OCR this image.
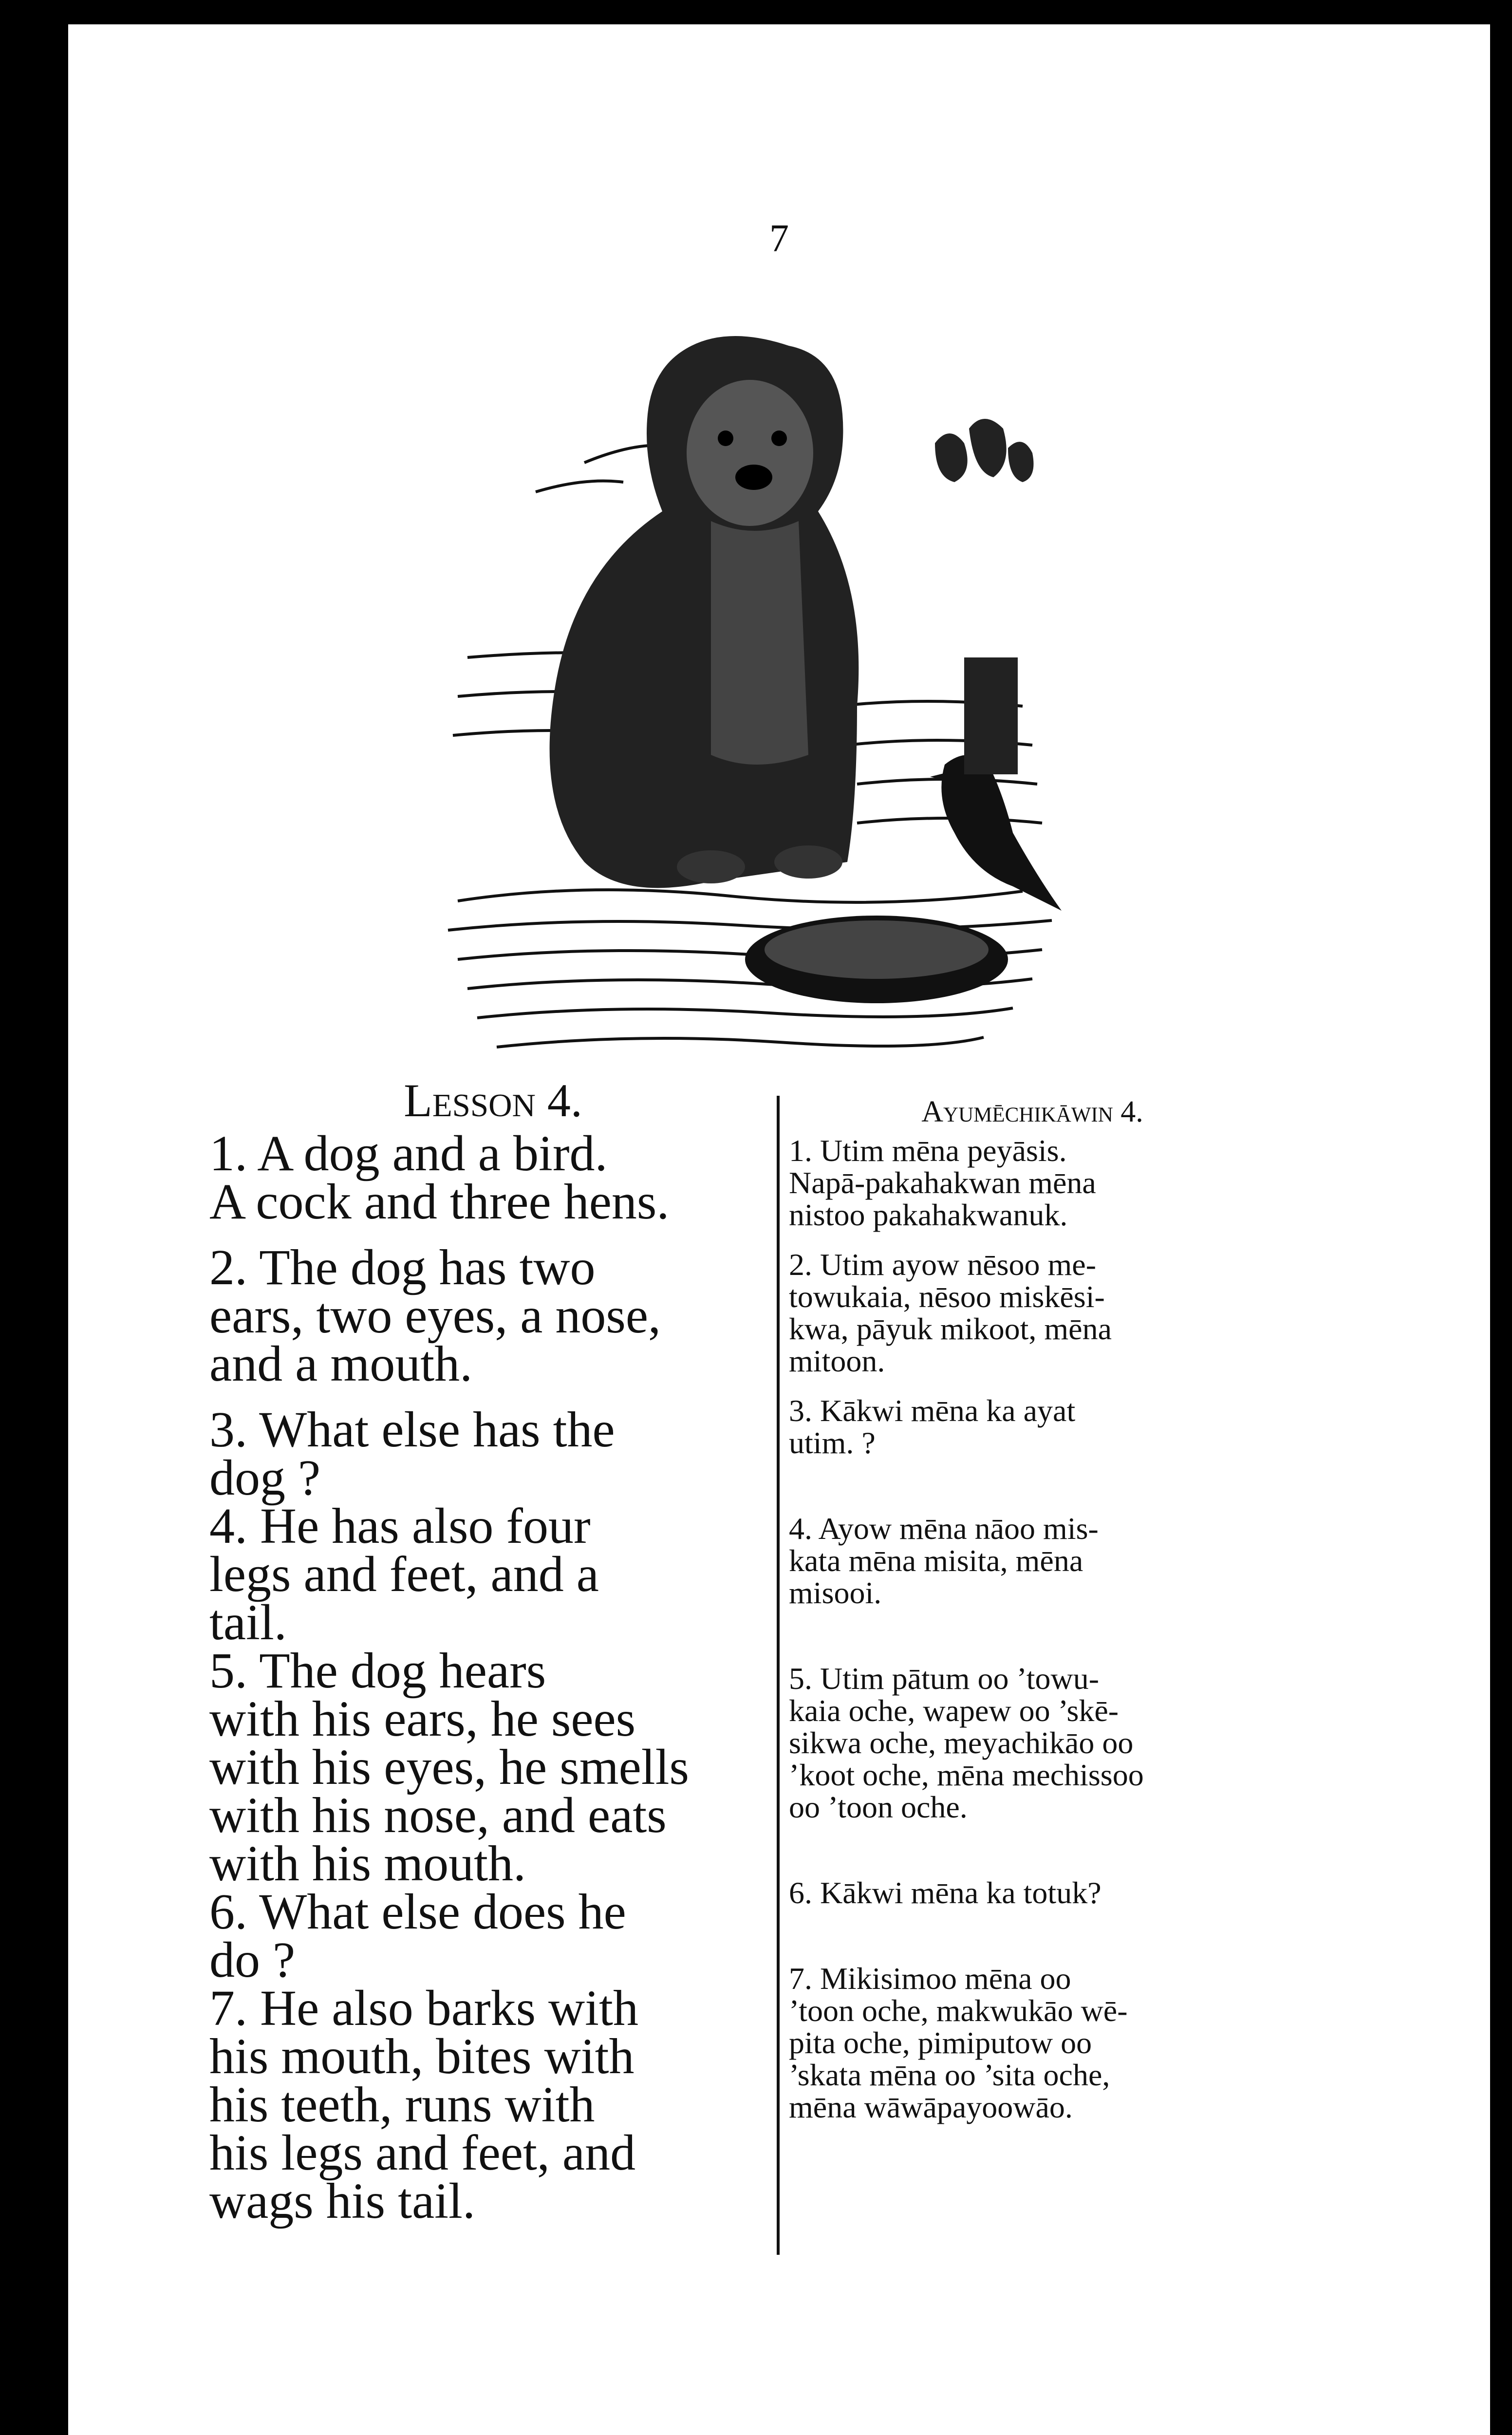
7
Lesson 4.

1. A dog and a bird.
A cock and three hens.

2. The dog has two
ears, two eyes, a nose,
and a mouth.

3. What else has the
dog ?

4. He has also four
legs and feet, and a
tail.

5. The dog hears
with his ears, he sees
with his eyes, he smells
with his nose, and eats
with his mouth.

6. What else does he
do ?

7. He also barks with
his mouth, bites with
his teeth, runs with
his legs and feet, and
wags his tail.

Ayumēchikāwin 4.

1. Utim mēna peyāsis.
Napā-pakahakwan mēna
nistoo pakahakwanuk.

2. Utim ayow nēsoo me-
towukaia, nēsoo miskēsi-
kwa, pāyuk mikoot, mēna
mitoon.

3. Kākwi mēna ka ayat
utim. ?

4. Ayow mēna nāoo mis-
kata mēna misita, mēna
misooi.

5. Utim pātum oo ’towu-
kaia oche, wapew oo ’skē-
sikwa oche, meyachikāo oo
’koot oche, mēna mechissoo
oo ’toon oche.

6. Kākwi mēna ka totuk?

7. Mikisimoo mēna oo
’toon oche, makwukāo wē-
pita oche, pimiputow oo
’skata mēna oo ’sita oche,
mēna wāwāpayoowāo.
